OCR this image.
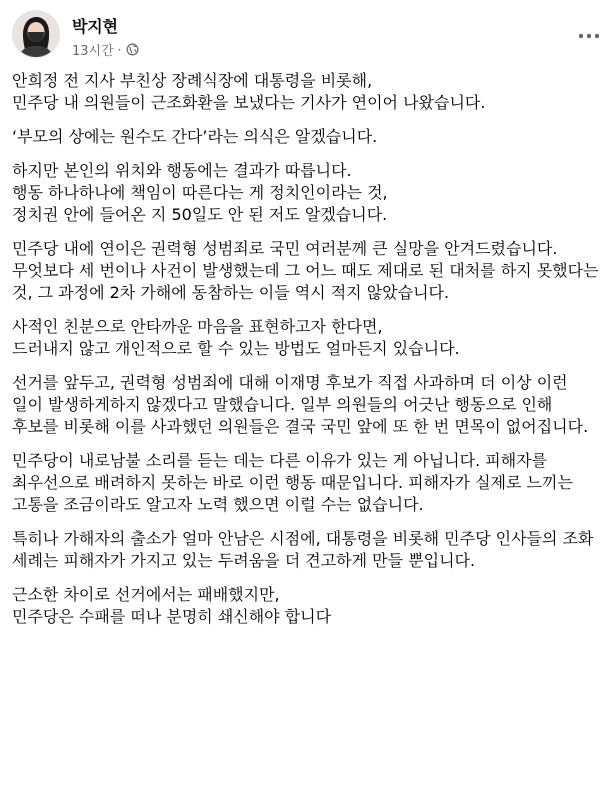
박지현
13시간 ·

안희정 전 지사 부친상 장례식장에 대통령을 비롯해,
민주당 내 의원들이 근조화환을 보냈다는 기사가 연이어 나왔습니다.

‘부모의 상에는 원수도 간다’라는 의식은 알겠습니다.

하지만 본인의 위치와 행동에는 결과가 따릅니다.
행동 하나하나에 책임이 따른다는 게 정치인이라는 것,
정치권 안에 들어온 지 50일도 안 된 저도 알겠습니다.

민주당 내에 연이은 권력형 성범죄로 국민 여러분께 큰 실망을 안겨드렸습니다. 무엇보다 세 번이나 사건이 발생했는데 그 어느 때도 제대로 된 대처를 하지 못했다는 것, 그 과정에 2차 가해에 동참하는 이들 역시 적지 않았습니다.

사적인 친분으로 안타까운 마음을 표현하고자 한다면,
드러내지 않고 개인적으로 할 수 있는 방법도 얼마든지 있습니다.

선거를 앞두고, 권력형 성범죄에 대해 이재명 후보가 직접 사과하며 더 이상 이런 일이 발생하게하지 않겠다고 말했습니다. 일부 의원들의 어긋난 행동으로 인해
후보를 비롯해 이를 사과했던 의원들은 결국 국민 앞에 또 한 번 면목이 없어집니다.

민주당이 내로남불 소리를 듣는 데는 다른 이유가 있는 게 아닙니다. 피해자를 최우선으로 배려하지 못하는 바로 이런 행동 때문입니다. 피해자가 실제로 느끼는 고통을 조금이라도 알고자 노력 했으면 이럴 수는 없습니다.

특히나 가해자의 출소가 얼마 안남은 시점에, 대통령을 비롯해 민주당 인사들의 조화 세례는 피해자가 가지고 있는 두려움을 더 견고하게 만들 뿐입니다.

근소한 차이로 선거에서는 패배했지만,
민주당은 수패를 떠나 분명히 쇄신해야 합니다
